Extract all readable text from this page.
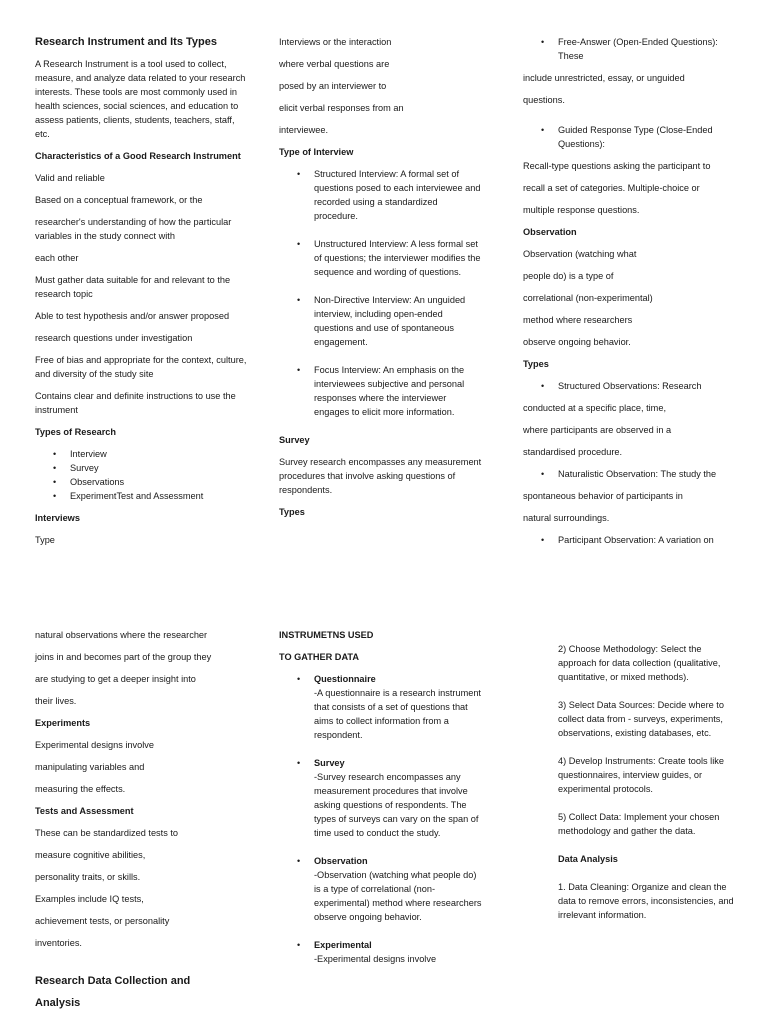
Research Instrument and Its Types
A Research Instrument is a tool used to collect, measure, and analyze data related to your research interests. These tools are most commonly used in health sciences, social sciences, and education to assess patients, clients, students, teachers, staff, etc.
Characteristics of a Good Research Instrument
Valid and reliable
Based on a conceptual framework, or the
researcher's understanding of how the particular variables in the study connect with
each other
Must gather data suitable for and relevant to the research topic
Able to test hypothesis and/or answer proposed
research questions under investigation
Free of bias and appropriate for the context, culture, and diversity of the study site
Contains clear and definite instructions to use the instrument
Types of Research
• Interview
• Survey
• Observations
• ExperimentTest and Assessment
Interviews
Type
Interviews or the interaction
where verbal questions are
posed by an interviewer to
elicit verbal responses from an
interviewee.
Type of Interview
• Structured Interview: A formal set of questions posed to each interviewee and recorded using a standardized procedure.
• Unstructured Interview: A less formal set of questions; the interviewer modifies the sequence and wording of questions.
• Non-Directive Interview: An unguided interview, including open-ended questions and use of spontaneous engagement.
• Focus Interview: An emphasis on the interviewees subjective and personal responses where the interviewer engages to elicit more information.
Survey
Survey research encompasses any measurement procedures that involve asking questions of respondents.
Types
• Free-Answer (Open-Ended Questions): These
include unrestricted, essay, or unguided
questions.
• Guided Response Type (Close-Ended Questions):
Recall-type questions asking the participant to
recall a set of categories. Multiple-choice or
multiple response questions.
Observation
Observation (watching what
people do) is a type of
correlational (non-experimental)
method where researchers
observe ongoing behavior.
Types
• Structured Observations: Research
conducted at a specific place, time,
where participants are observed in a
standardised procedure.
• Naturalistic Observation: The study the
spontaneous behavior of participants in
natural surroundings.
• Participant Observation: A variation on
natural observations where the researcher
joins in and becomes part of the group they
are studying to get a deeper insight into
their lives.
Experiments
Experimental designs involve
manipulating variables and
measuring the effects.
Tests and Assessment
These can be standardized tests to
measure cognitive abilities,
personality traits, or skills.
Examples include IQ tests,
achievement tests, or personality
inventories.
Research Data Collection and
Analysis
INSTRUMETNS USED
TO GATHER DATA
• Questionnaire
-A questionnaire is a research instrument that consists of a set of questions that aims to collect information from a respondent.
• Survey
-Survey research encompasses any measurement procedures that involve asking questions of respondents. The types of surveys can vary on the span of time used to conduct the study.
• Observation
-Observation (watching what people do) is a type of correlational (non-experimental) method where researchers observe ongoing behavior.
• Experimental
-Experimental designs involve
2) Choose Methodology: Select the approach for data collection (qualitative, quantitative, or mixed methods).
3) Select Data Sources: Decide where to collect data from - surveys, experiments, observations, existing databases, etc.
4) Develop Instruments: Create tools like questionnaires, interview guides, or experimental protocols.
5) Collect Data: Implement your chosen methodology and gather the data.
Data Analysis
1. Data Cleaning: Organize and clean the data to remove errors, inconsistencies, and irrelevant information.
